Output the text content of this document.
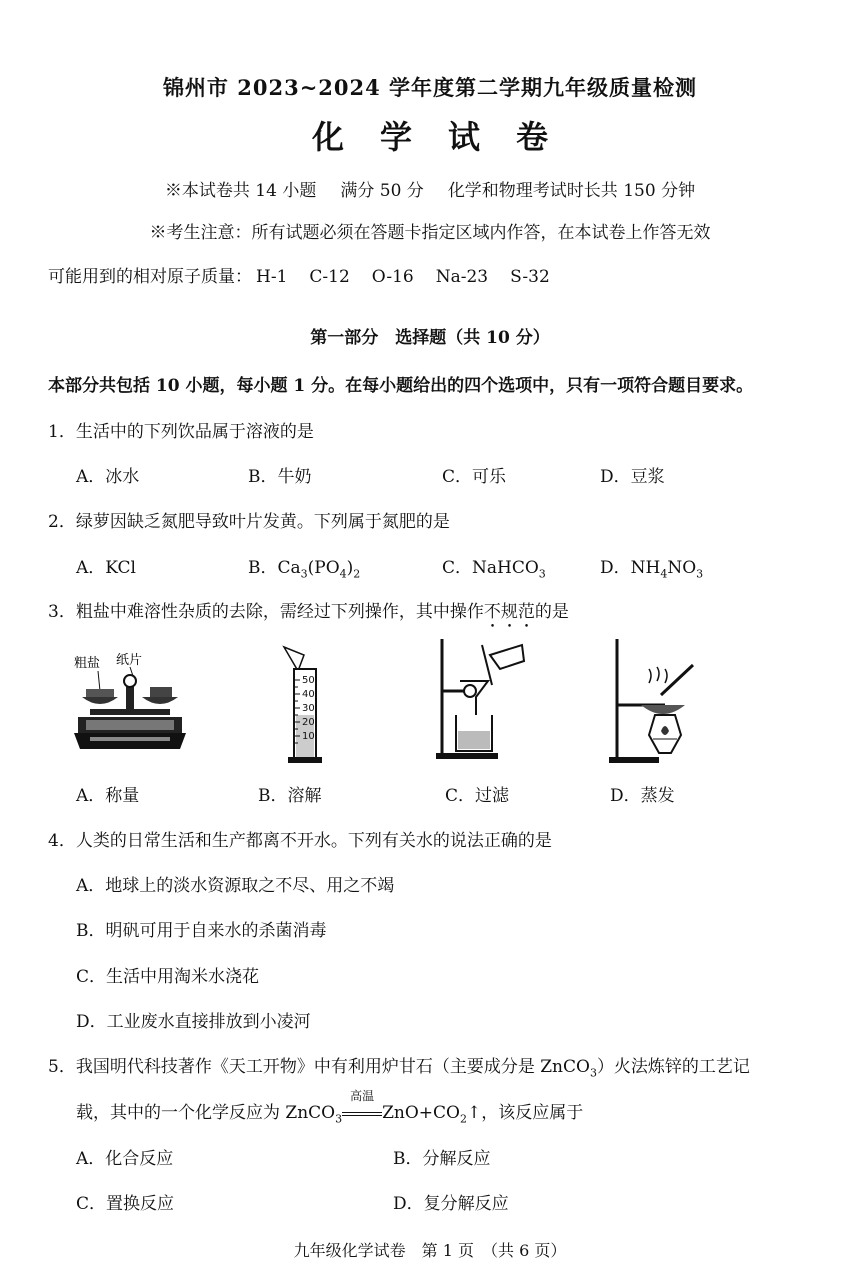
锦州市 2023~2024 学年度第二学期九年级质量检测
化 学 试 卷
※本试卷共 14 小题 满分 50 分 化学和物理考试时长共 150 分钟
※考生注意：所有试题必须在答题卡指定区域内作答，在本试卷上作答无效
可能用到的相对原子质量： H-1 C-12 O-16 Na-23 S-32
第一部分　选择题（共 10 分）
本部分共包括 10 小题，每小题 1 分。在每小题给出的四个选项中，只有一项符合题目要求。
1．生活中的下列饮品属于溶液的是
A．冰水	B．牛奶	C．可乐	D．豆浆
2．绿萝因缺乏氮肥导致叶片发黄。下列属于氮肥的是
A．KCl	B．$Ca_3(PO_4)_2$	C．NaHCO$_3$	D．$NH_4NO_3$
3．粗盐中难溶性杂质的去除，需经过下列操作，其中操作不规范的是
粗盐 纸片
50
40
30
20
10
A．称量	B．溶解	C．过滤	D．蒸发
4．人类的日常生活和生产都离不开水。下列有关水的说法正确的是
A．地球上的淡水资源取之不尽、用之不竭
B．明矾可用于自来水的杀菌消毒
C．生活中用淘米水浇花
D．工业废水直接排放到小凌河
5．我国明代科技著作《天工开物》中有利用炉甘石（主要成分是 ZnCO$_3$）火法炼锌的工艺记
载，其中的一个化学反应为 ZnCO$_3$
高温
$ZnO+CO_2↑$，该反应属于
A．化合反应	B．分解反应
C．置换反应	D．复分解反应
九年级化学试卷　第 1 页　（共 6 页）
